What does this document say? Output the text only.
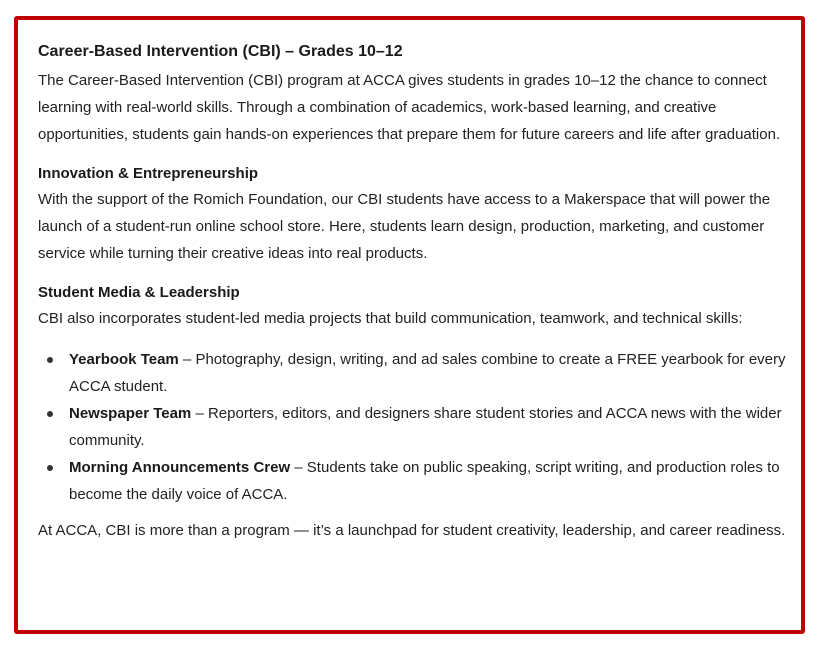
Career-Based Intervention (CBI) – Grades 10–12

The Career-Based Intervention (CBI) program at ACCA gives students in grades 10–12 the chance to connect learning with real-world skills. Through a combination of academics, work-based learning, and creative opportunities, students gain hands-on experiences that prepare them for future careers and life after graduation.

Innovation & Entrepreneurship

With the support of the Romich Foundation, our CBI students have access to a Makerspace that will power the launch of a student-run online school store. Here, students learn design, production, marketing, and customer service while turning their creative ideas into real products.

Student Media & Leadership

CBI also incorporates student-led media projects that build communication, teamwork, and technical skills:

Yearbook Team – Photography, design, writing, and ad sales combine to create a FREE yearbook for every ACCA student.
Newspaper Team – Reporters, editors, and designers share student stories and ACCA news with the wider community.
Morning Announcements Crew – Students take on public speaking, script writing, and production roles to become the daily voice of ACCA.

At ACCA, CBI is more than a program — it’s a launchpad for student creativity, leadership, and career readiness.
